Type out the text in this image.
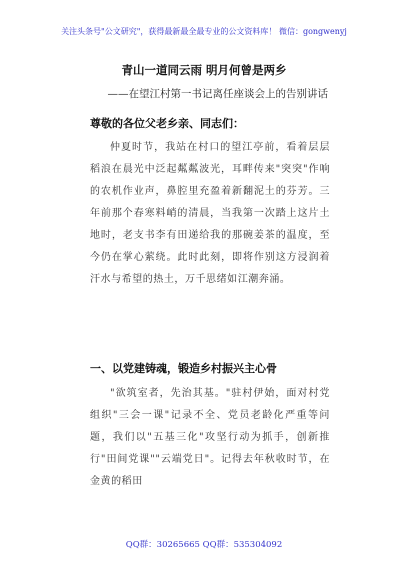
关注头条号"公文研究"，获得最新最全最专业的公文资料库！ 微信：gongwenyj
青山一道同云雨 明月何曾是两乡
——在望江村第一书记离任座谈会上的告别讲话
尊敬的各位父老乡亲、同志们：
仲夏时节，我站在村口的望江亭前，看着层层稻浪在晨光中泛起粼粼波光，耳畔传来"突突"作响的农机作业声，鼻腔里充盈着新翻泥土的芬芳。三年前那个春寒料峭的清晨，当我第一次踏上这片土地时，老支书李有田递给我的那碗姜茶的温度，至今仍在掌心萦绕。此时此刻，即将作别这方浸润着汗水与希望的热土，万千思绪如江潮奔涌。
一、以党建铸魂，锻造乡村振兴主心骨
"欲筑室者，先治其基。"驻村伊始，面对村党组织"三会一课"记录不全、党员老龄化严重等问题，我们以"五基三化"攻坚行动为抓手，创新推行"田间党课""云端党日"。记得去年秋收时节，在金黄的稻田
QQ群：30265665 QQ群：535304092
